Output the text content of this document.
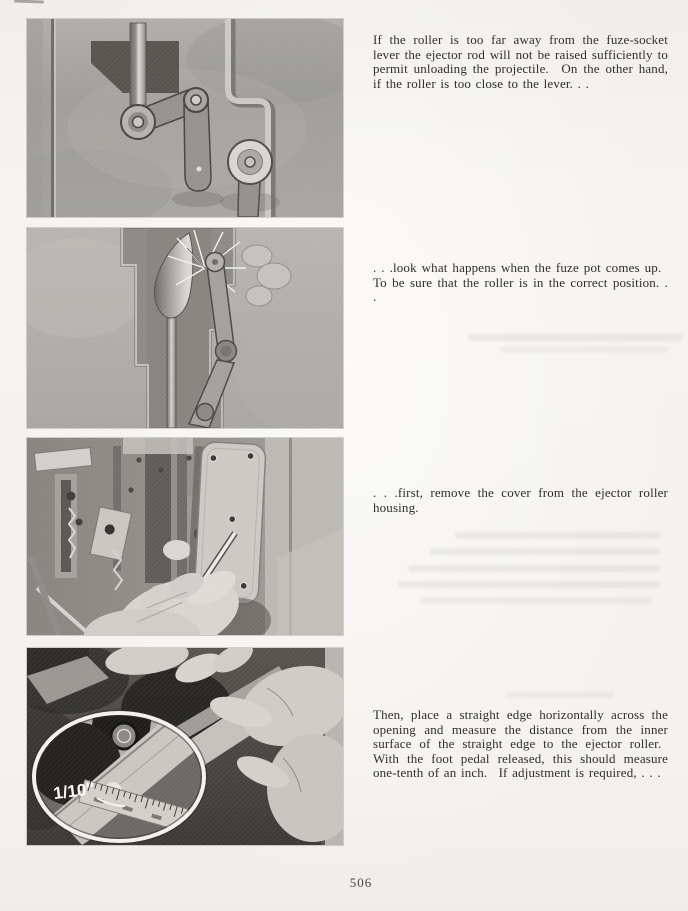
If the roller is too far away from the fuze-socket lever the ejector rod will not be raised sufficiently to permit unloading the projectile.  On the other hand, if the roller is too close to the lever. . .

. . .look what happens when the fuze pot comes up.  To be sure that the roller is in the correct position. . .

. . .first, remove the cover from the ejector roller housing.

Then, place a straight edge horizontally across the opening and measure the distance from the inner surface of the straight edge to the ejector roller.  With the foot pedal released, this should measure one-tenth of an inch.  If adjustment is required, . . .

506
